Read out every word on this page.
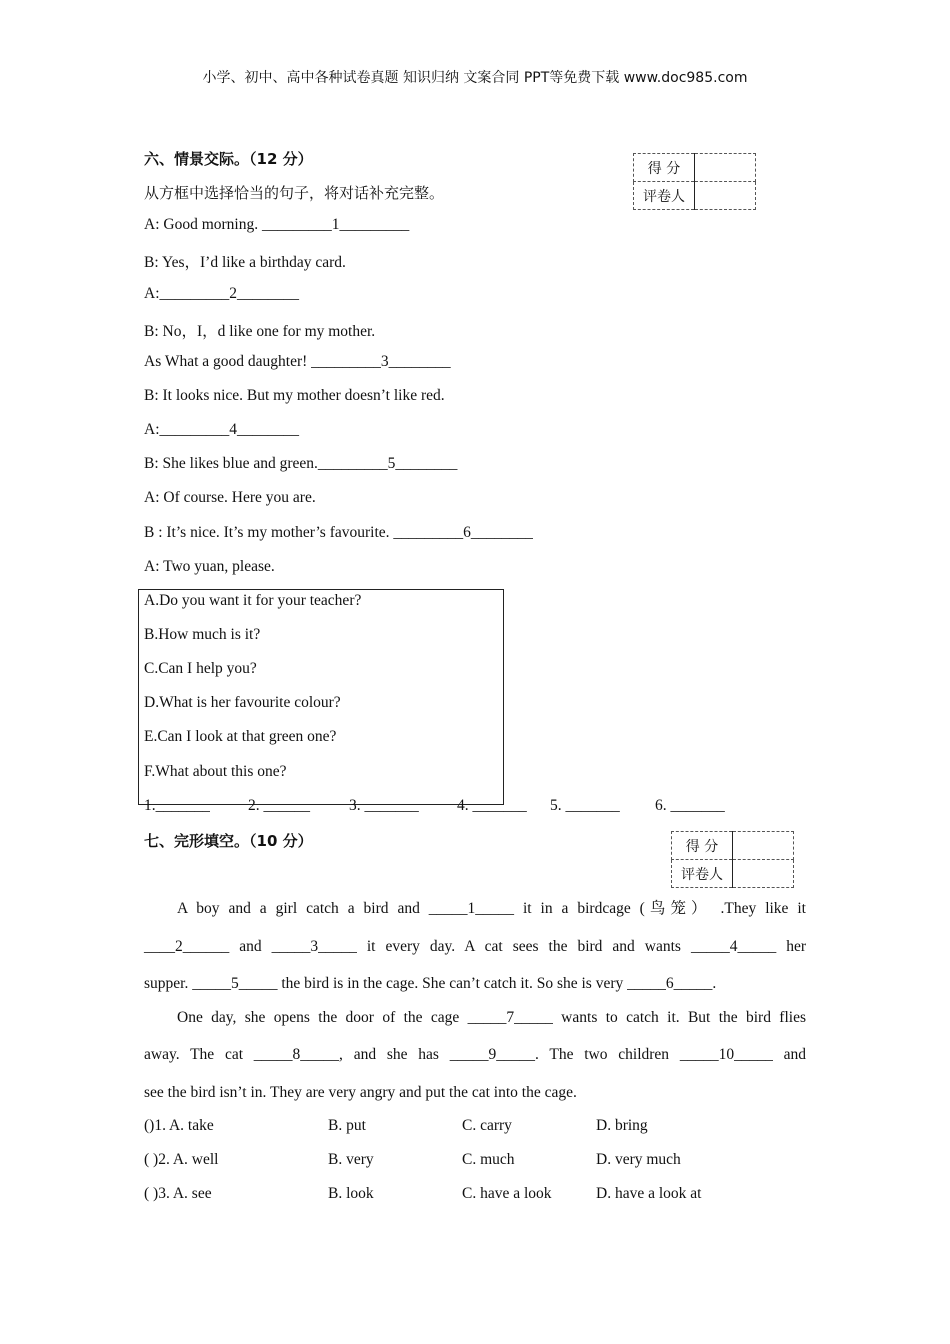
小学、初中、高中各种试卷真题 知识归纳 文案合同 PPT等免费下载 www.doc985.com
六、情景交际。（12 分）
得 分	
评卷人	
从方框中选择恰当的句子，将对话补充完整。
A: Good morning. _________1_________
B: Yes，I’d like a birthday card.
A:_________2________
B: No，I，d like one for my mother.
As What a good daughter! _________3________
B: It looks nice. But my mother doesn’t like red.
A:_________4________
B: She likes blue and green._________5________
A: Of course. Here you are.
B : It’s nice. It’s my mother’s favourite. _________6________
A: Two yuan, please.
A.Do you want it for your teacher?
B.How much is it?
C.Can I help you?
D.What is her favourite colour?
E.Can I look at that green one?
F.What about this one?
1._______ 2. ______	3. _______ 4. _______ 5. _______ 6. _______
七、完形填空。（10 分）	得 分	
评卷人	
A boy and a girl catch a bird and _____1_____ it in a birdcage (鸟笼） .They like it
____2______ and _____3_____ it every day. A cat sees the bird and wants _____4_____ her
supper. _____5_____ the bird is in the cage. She can’t catch it. So she is very _____6_____.
One day, she opens the door of the cage _____7_____ wants to catch it. But the bird flies
away. The cat _____8_____, and she has _____9_____. The two children _____10_____ and
see the bird isn’t in. They are very angry and put the cat into the cage.
()1. A. take	B. put	C. carry	D. bring
( )2. A. well	B. very	C. much	D. very much
( )3. A. see	B. look	C. have a look	D. have a look at
